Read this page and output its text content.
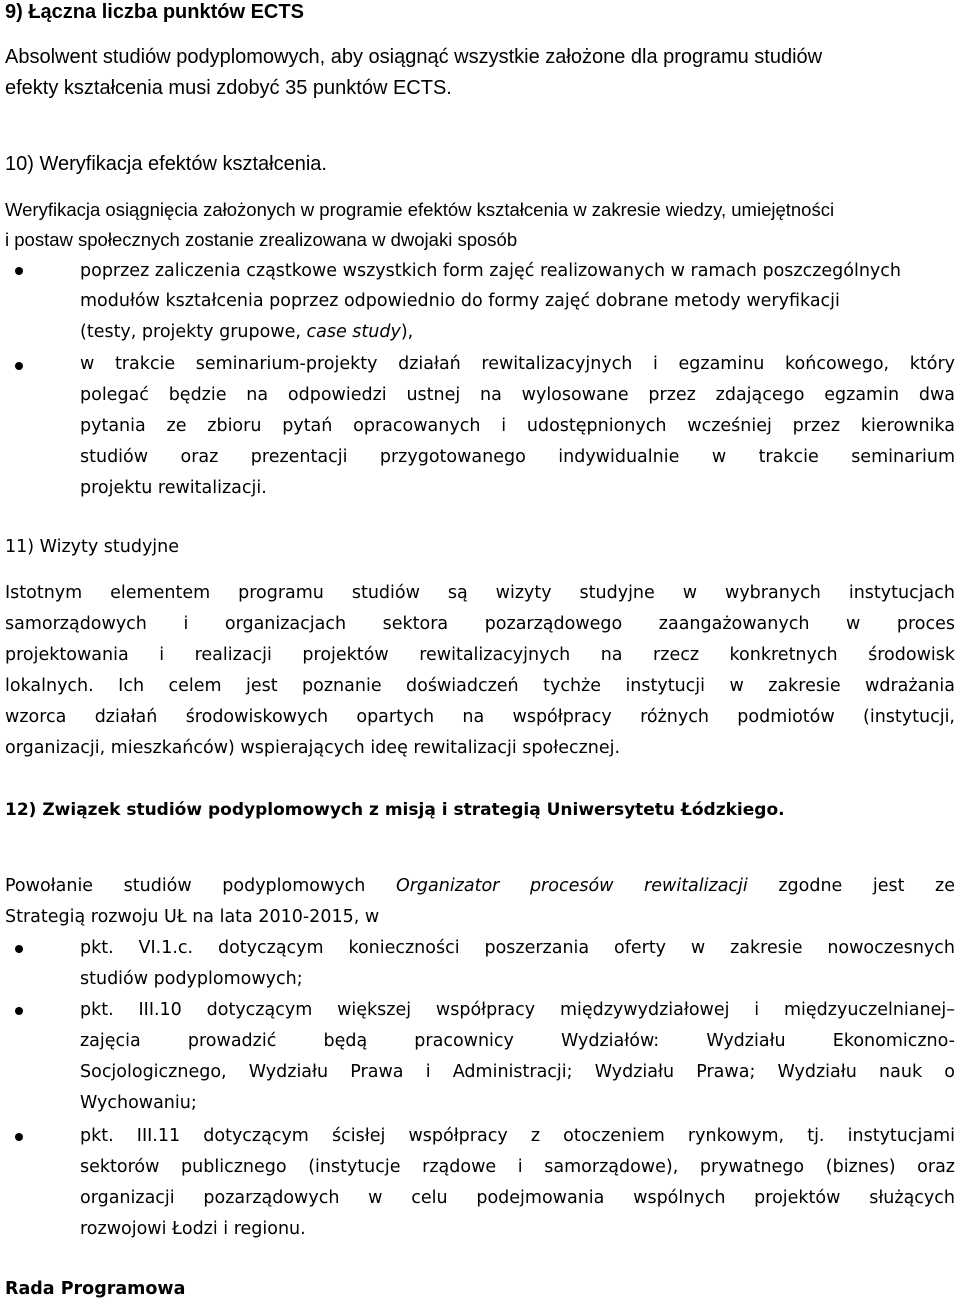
9) Łączna liczba punktów ECTS
Absolwent studiów podyplomowych, aby osiągnąć wszystkie założone dla programu studiów
efekty kształcenia musi zdobyć 35 punktów ECTS.
10) Weryfikacja efektów kształcenia.
Weryfikacja osiągnięcia założonych w programie efektów kształcenia w zakresie wiedzy, umiejętności
i postaw społecznych zostanie zrealizowana w dwojaki sposób
poprzez zaliczenia cząstkowe wszystkich form zajęć realizowanych w ramach poszczególnych
modułów kształcenia poprzez odpowiednio do formy zajęć dobrane metody weryfikacji
(testy, projekty grupowe, case study),
w trakcie seminarium-projekty działań rewitalizacyjnych i egzaminu końcowego, który
polegać będzie na odpowiedzi ustnej na wylosowane przez zdającego egzamin dwa
pytania ze zbioru pytań opracowanych i udostępnionych wcześniej przez kierownika
studiów oraz prezentacji przygotowanego indywidualnie w trakcie seminarium
projektu rewitalizacji.
11) Wizyty studyjne
Istotnym elementem programu studiów są wizyty studyjne w wybranych instytucjach
samorządowych i organizacjach sektora pozarządowego zaangażowanych w proces
projektowania i realizacji projektów rewitalizacyjnych na rzecz konkretnych środowisk
lokalnych. Ich celem jest poznanie doświadczeń tychże instytucji w zakresie wdrażania
wzorca działań środowiskowych opartych na współpracy różnych podmiotów (instytucji,
organizacji, mieszkańców) wspierających ideę rewitalizacji społecznej.
12) Związek studiów podyplomowych z misją i strategią Uniwersytetu Łódzkiego.
Powołanie studiów podyplomowych Organizator procesów rewitalizacji zgodne jest ze
Strategią rozwoju UŁ na lata 2010-2015, w
pkt. VI.1.c. dotyczącym konieczności poszerzania oferty w zakresie nowoczesnych
studiów podyplomowych;
pkt. III.10 dotyczącym większej współpracy międzywydziałowej i międzyuczelnianej–
zajęcia prowadzić będą pracownicy Wydziałów: Wydziału Ekonomiczno-
Socjologicznego, Wydziału Prawa i Administracji; Wydziału Prawa; Wydziału nauk o
Wychowaniu;
pkt. III.11 dotyczącym ścisłej współpracy z otoczeniem rynkowym, tj. instytucjami
sektorów publicznego (instytucje rządowe i samorządowe), prywatnego (biznes) oraz
organizacji pozarządowych w celu podejmowania wspólnych projektów służących
rozwojowi Łodzi i regionu.
Rada Programowa
